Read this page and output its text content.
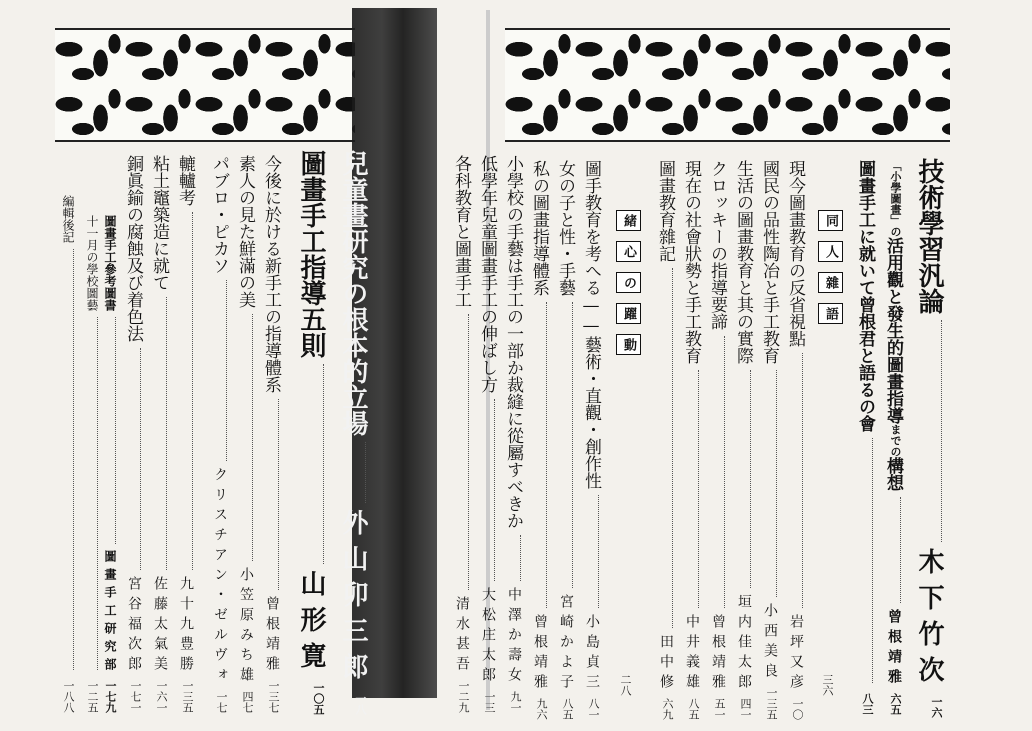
技術學習汎論
木下竹次
一六
「小學圖畫」の
活用觀と發生的圖畫指導
までの
構想
曾根靖雅
六五
圖畫手工に就いて曾根君と語るの會
八三
同
人
雜
語
三六
現今圖畫教育の反省視點
岩坪又彦
一〇
國民の品性陶冶と手工教育
小西美良
一三五
生活の圖畫教育と其の實際
垣内佳太郎
四一
クロッキーの指導要諦
曾根靖雅
五一
現在の社會狀勢と手工教育
中井義雄
八五
圖畫教育雜記
田中修
六九
緒
心
の
躍
動
二八
圖手教育を考へる——藝術・直觀・創作性
小島貞三
八一
女の子と性・手藝
宮崎かよ子
八五
私の圖畫指導體系
曾根靖雅
九六
小學校の手藝は手工の一部か裁縫に從屬すべきか
中澤か壽女
九一
低學年兒童圖畫手工の伸ばし方
大松庄太郎
一三
各科教育と圖畫手工
清水甚吾
一二九
兒童畫研究の根本的立場
外山卯三郎
一八
圖畫手工指導五則
山形寛
一〇五
今後に於ける新手工の指導體系
曾根靖雅
一三七
素人の見た鮮滿の美
小笠原みち雄
四七
パブロ・ピカソ
クリスチアン・ゼルヴォ
一七
轆轤考
九十九豊勝
一三五
粘土竈築造に就て
佐藤太氣美
一六一
銅眞鍮の腐蝕及び着色法
宮谷福次郎
一七一
圖畫手工參考圖書
圖畫手工研究部
一七九
十一月の學校圖藝
一二五
編輯後記
一八八
